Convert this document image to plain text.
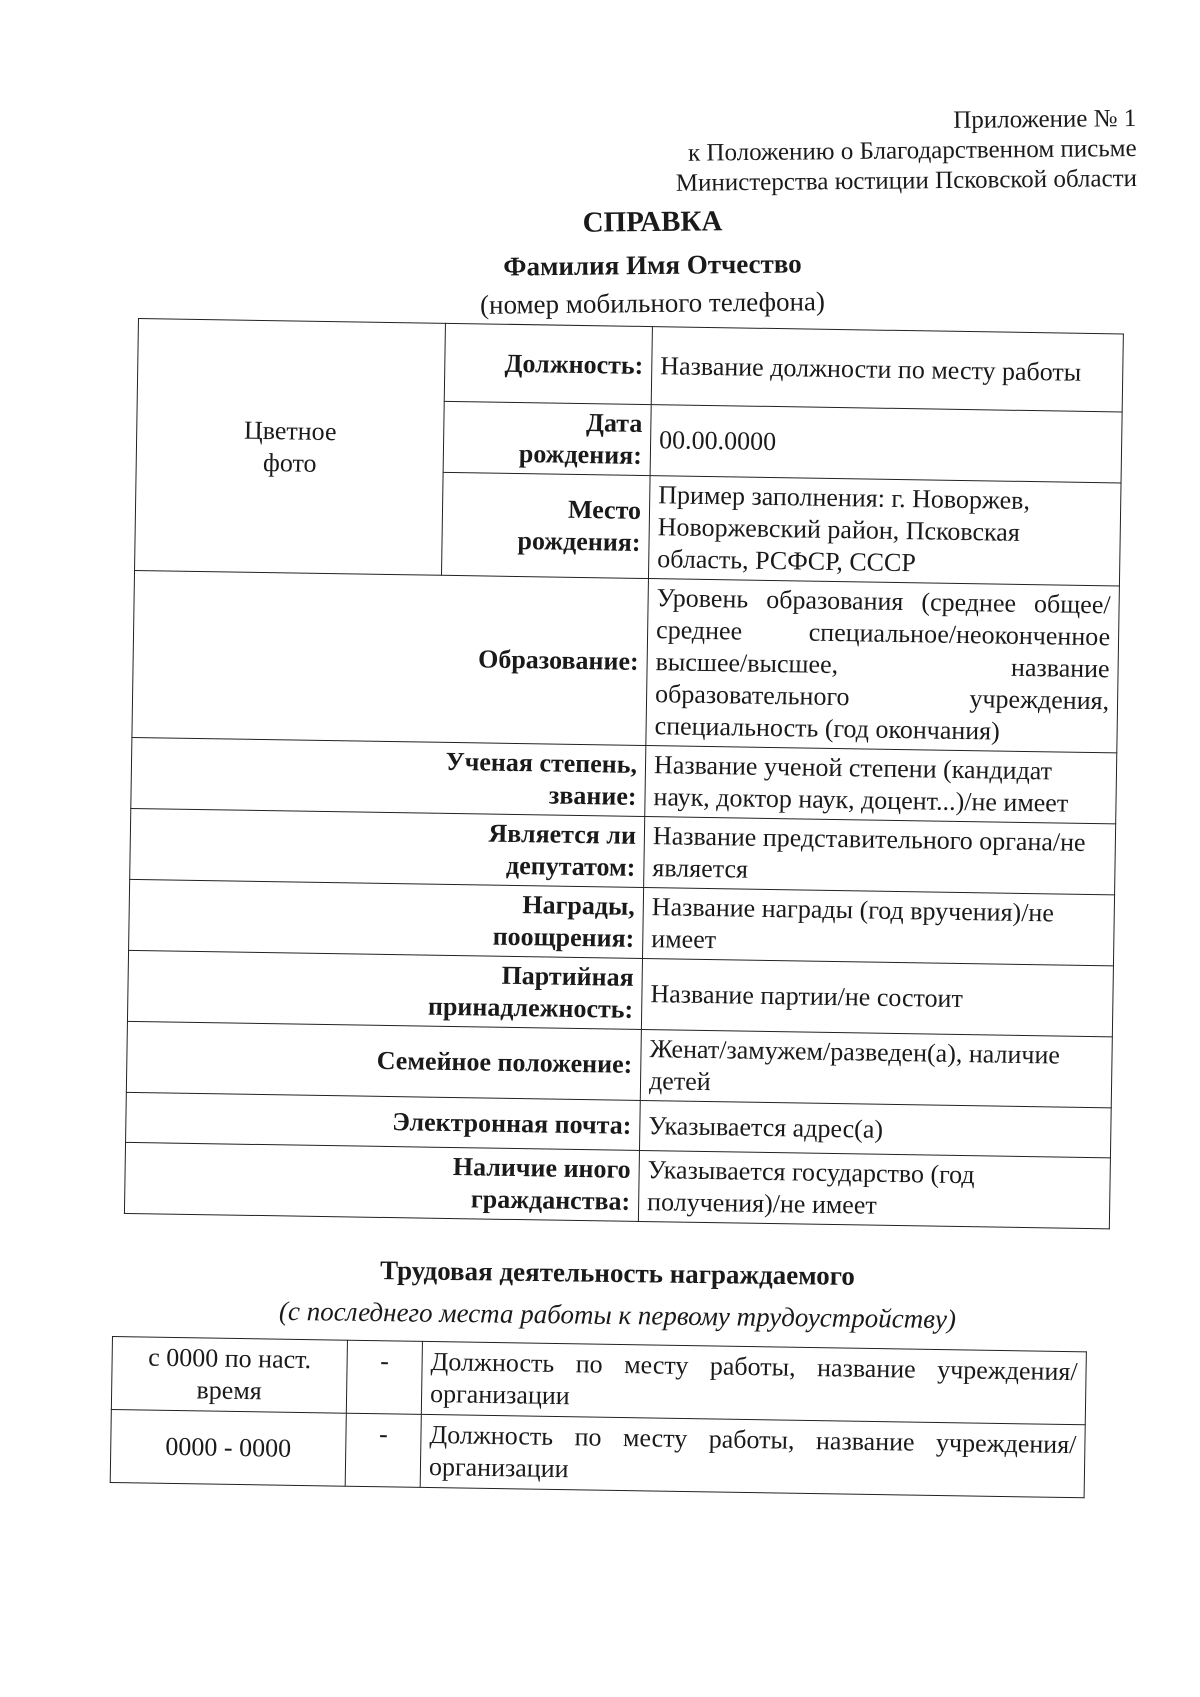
Приложение № 1
к Положению о Благодарственном письме
Министерства юстиции Псковской области
СПРАВКА
Фамилия Имя Отчество
(номер мобильного телефона)
Цветное
фото	Должность:	Название должности по месту работы

	Дата
рождения:	00.00.0000

	Место
рождения:	Пример заполнения: г. Новоржев, Новоржевский район, Псковская область, РСФСР, СССР
Образование:		Уровень образования (среднее общее/среднее специальное/неоконченное высшее/высшее, название образовательного учреждения, специальность (год окончания)

Ученая степень,
звание:		Название ученой степени (кандидат наук, доктор наук, доцент...)/не имеет

Является ли
депутатом:		Название представительного органа/не является

Награды,
поощрения:		Название награды (год вручения)/не имеет

Партийная
принадлежность:		Название партии/не состоит
Семейное положение:		Женат/замужем/разведен(а), наличие детей
Электронная почта:		Указывается адрес(а)

Наличие иного
гражданства:		Указывается государство (год получения)/не имеет
Трудовая деятельность награждаемого
(с последнего места работы к первому трудоустройству)
с 0000 по наст.
время	-	Должность по месту работы, название учреждения/организации

0000 - 0000	-	Должность по месту работы, название учреждения/организации
